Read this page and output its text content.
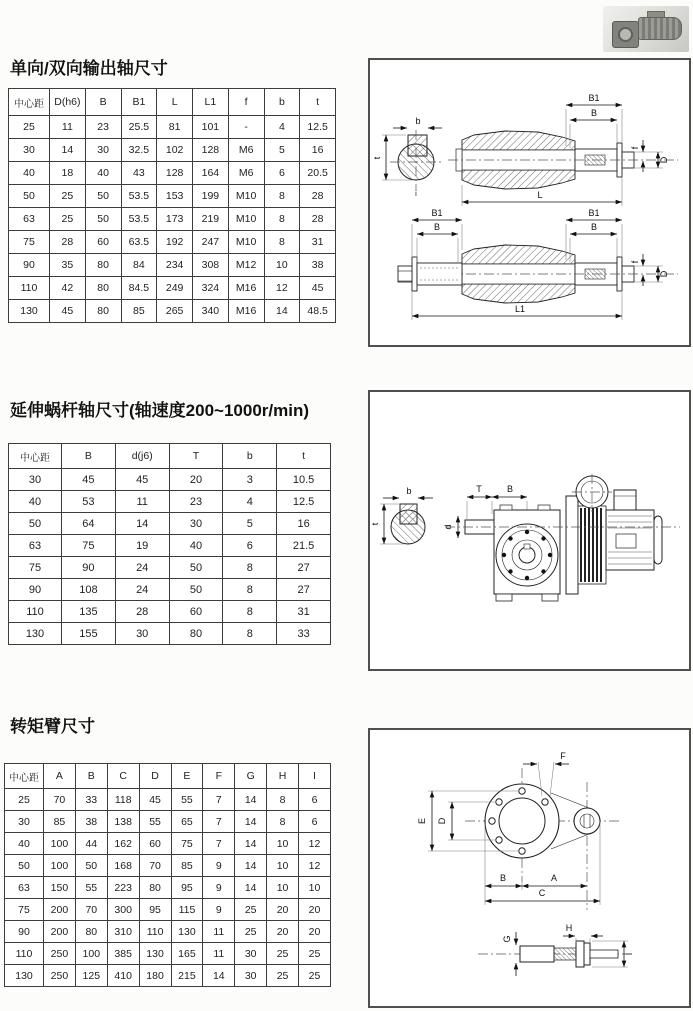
单向/双向输出轴尺寸
中心距	D(h6)	B	B1	L	L1	f	b	t
25	11	23	25.5	81	101	-	4	12.5
30	14	30	32.5	102	128	M6	5	16
40	18	40	43	128	164	M6	6	20.5
50	25	50	53.5	153	199	M10	8	28
63	25	50	53.5	173	219	M10	8	28
75	28	60	63.5	192	247	M10	8	31
90	35	80	84	234	308	M12	10	38
110	42	80	84.5	249	324	M16	12	45
130	45	80	85	265	340	M16	14	48.5
b
t
i
B1
B
f
D
L
B1
B
B1
B
f
D
L1
延伸蜗杆轴尺寸(轴速度200~1000r/min)
中心距	B	d(j6)	T	b	t
30	45	45	20	3	10.5
40	53	11	23	4	12.5
50	64	14	30	5	16
63	75	19	40	6	21.5
75	90	24	50	8	27
90	108	24	50	8	27
110	135	28	60	8	31
130	155	30	80	8	33
b
t
d
T	B
转矩臂尺寸
中心距	A	B	C	D	E	F	G	H	I
25	70	33	118	45	55	7	14	8	6
30	85	38	138	55	65	7	14	8	6
40	100	44	162	60	75	7	14	10	12
50	100	50	168	70	85	9	14	10	12
63	150	55	223	80	95	9	14	10	10
75	200	70	300	95	115	9	25	20	20
90	200	80	310	110	130	11	25	20	20
110	250	100	385	130	165	11	30	25	25
130	250	125	410	180	215	14	30	25	25
F
E D
B	A
C
G
H
I
